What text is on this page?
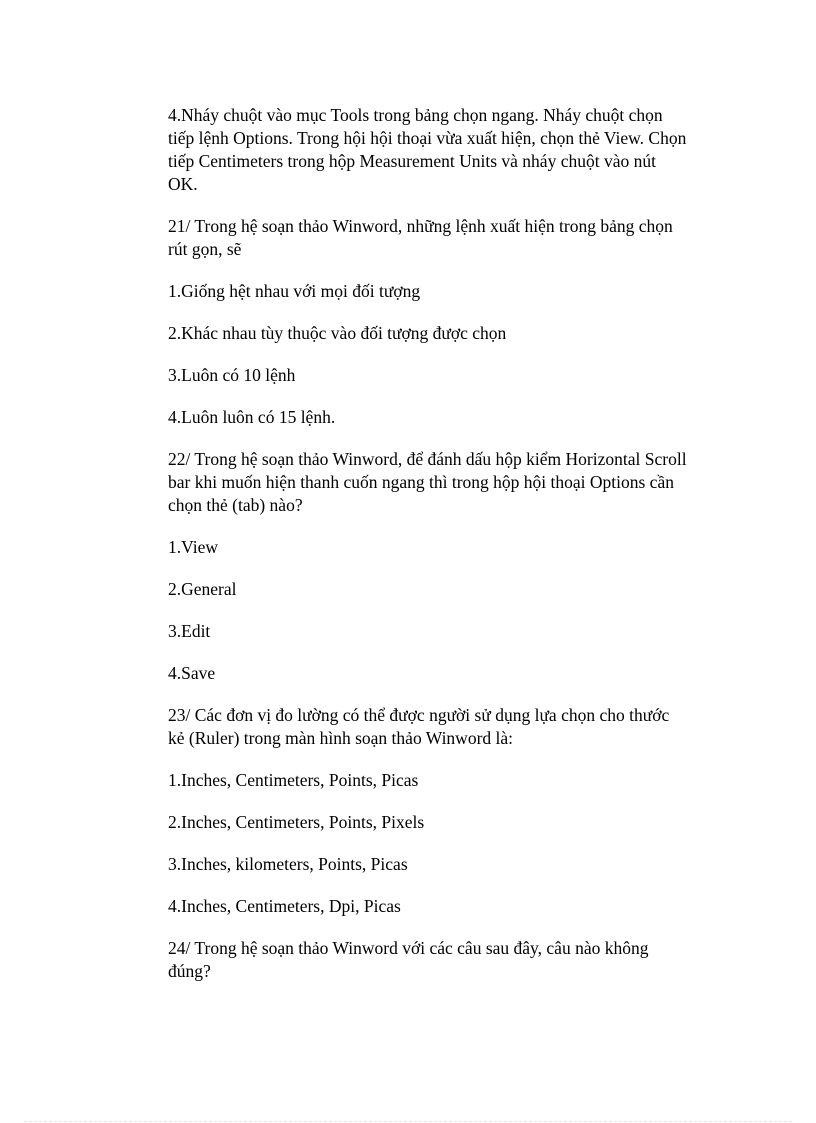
4.Nháy chuột vào mục Tools trong bảng chọn ngang. Nháy chuột chọn tiếp lệnh Options. Trong hội hội thoại vừa xuất hiện, chọn thẻ View. Chọn tiếp Centimeters trong hộp Measurement Units và nháy chuột vào nút OK.

21/ Trong hệ soạn thảo Winword, những lệnh xuất hiện trong bảng chọn rút gọn, sẽ

1.Giống hệt nhau với mọi đối tượng

2.Khác nhau tùy thuộc vào đối tượng được chọn

3.Luôn có 10 lệnh

4.Luôn luôn có 15 lệnh.

22/ Trong hệ soạn thảo Winword, để đánh dấu hộp kiểm Horizontal Scroll bar khi muốn hiện thanh cuốn ngang thì trong hộp hội thoại Options cần chọn thẻ (tab) nào?

1.View

2.General

3.Edit

4.Save

23/ Các đơn vị đo lường có thể được người sử dụng lựa chọn cho thước kẻ (Ruler) trong màn hình soạn thảo Winword là:

1.Inches, Centimeters, Points, Picas

2.Inches, Centimeters, Points, Pixels

3.Inches, kilometers, Points, Picas

4.Inches, Centimeters, Dpi, Picas

24/ Trong hệ soạn thảo Winword với các câu sau đây, câu nào không đúng?
